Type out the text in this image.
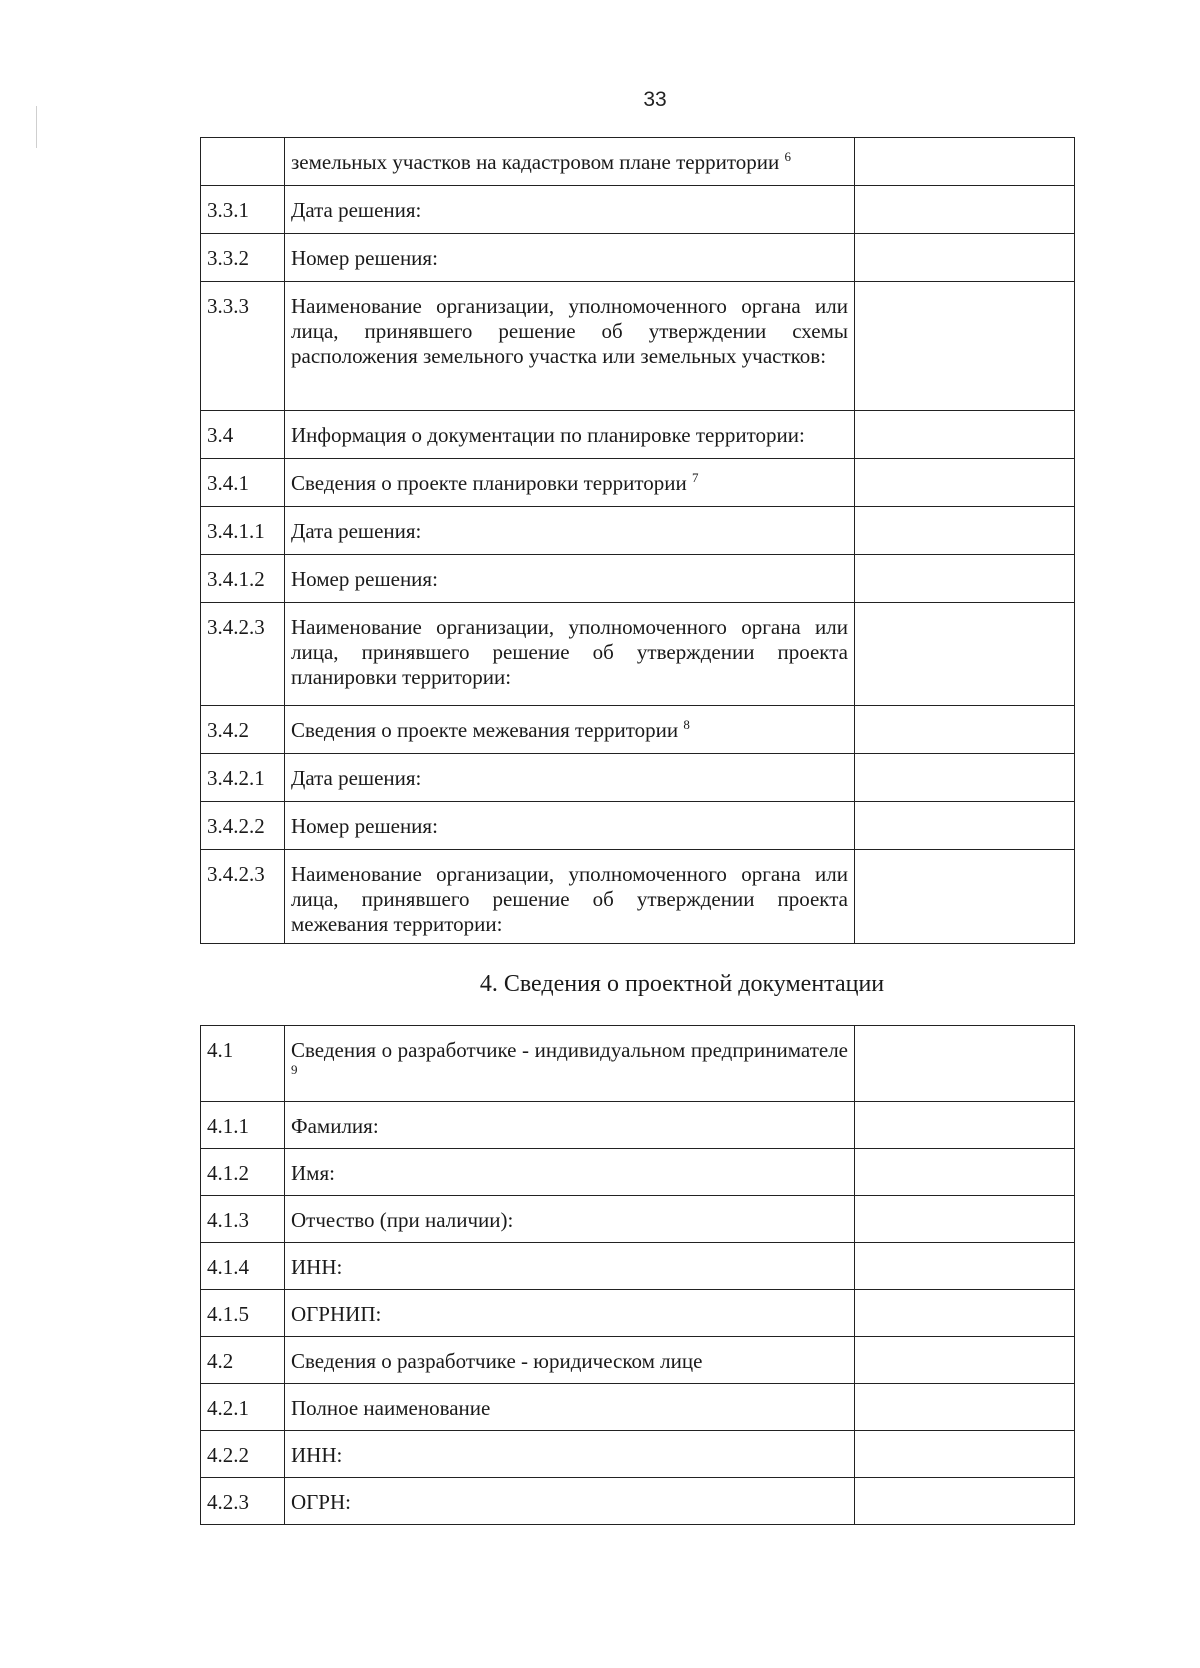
33
	земельных участков на кадастровом плане территории $^6$	
3.3.1	Дата решения:	
3.3.2	Номер решения:	
3.3.3	Наименование организации, уполномоченного органа или лица, принявшего решение об утверждении схемы расположения земельного участка или земельных участков:	
3.4	Информация о документации по планировке территории:	
3.4.1	Сведения о проекте планировки территории $^7$	
3.4.1.1	Дата решения:	
3.4.1.2	Номер решения:	
3.4.2.3	Наименование организации, уполномоченного органа или лица, принявшего решение об утверждении проекта планировки территории:	
3.4.2	Сведения о проекте межевания территории $^8$	
3.4.2.1	Дата решения:	
3.4.2.2	Номер решения:	
3.4.2.3	Наименование организации, уполномоченного органа или лица, принявшего решение об утверждении проекта межевания территории:	
4. Сведения о проектной документации
4.1	Сведения о разработчике - индивидуальном предпринимателе $^9$	
4.1.1	Фамилия:	
4.1.2	Имя:	
4.1.3	Отчество (при наличии):	
4.1.4	ИНН:	
4.1.5	ОГРНИП:	
4.2	Сведения о разработчике - юридическом лице	
4.2.1	Полное наименование	
4.2.2	ИНН:	
4.2.3	ОГРН:	
